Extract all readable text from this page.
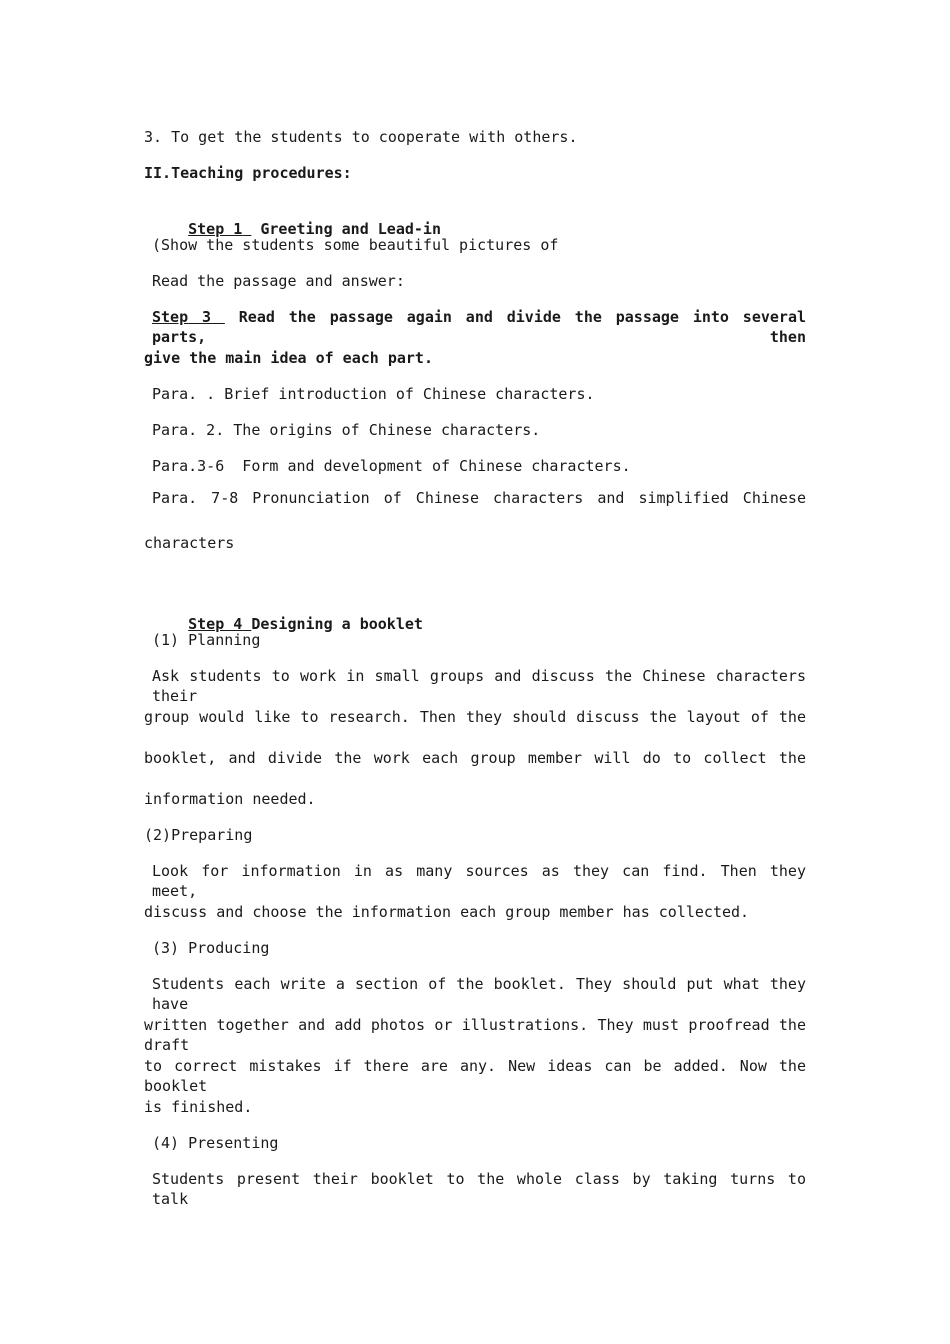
3. To get the students to cooperate with others.
II.Teaching procedures:

Step 1 Greeting and Lead-in

(Show the students some beautiful pictures of
Read the passage and answer:
Step 3 Read the passage again and divide the passage into several parts, then
give the main idea of each part.
Para. . Brief introduction of Chinese characters.
Para. 2. The origins of Chinese characters.
Para.3-6  Form and development of Chinese characters.
Para. 7-8 Pronunciation of Chinese characters and simplified Chinese
characters

Step 4 Designing a booklet

(1) Planning
Ask students to work in small groups and discuss the Chinese characters their
group would like to research. Then they should discuss the layout of the
booklet, and divide the work each group member will do to collect the
information needed.
(2)Preparing
Look for information in as many sources as they can find. Then they meet,
discuss and choose the information each group member has collected.
(3) Producing
Students each write a section of the booklet. They should put what they have
written together and add photos or illustrations. They must proofread the draft
to correct mistakes if there are any. New ideas can be added. Now the booklet
is finished.
(4) Presenting
Students present their booklet to the whole class by taking turns to talk
